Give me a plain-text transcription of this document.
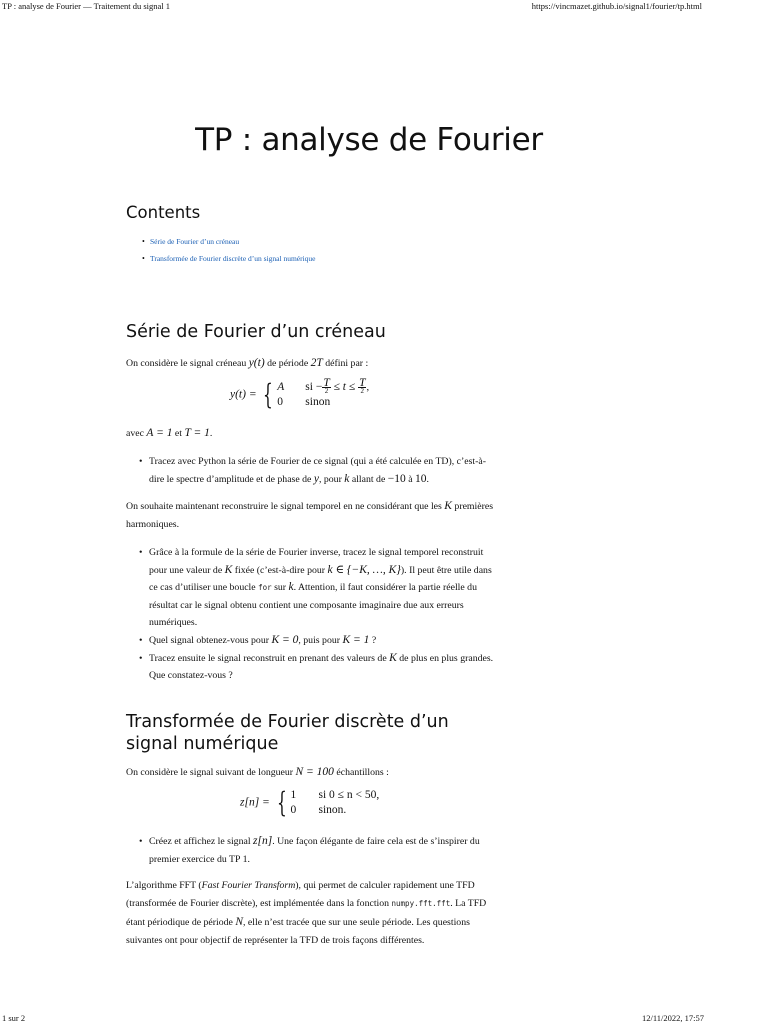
TP : analyse de Fourier — Traitement du signal 1	https://vincmazet.github.io/signal1/fourier/tp.html
TP : analyse de Fourier
Contents
• Série de Fourier d’un créneau
• Transformée de Fourier discrète d’un signal numérique
Série de Fourier d’un créneau

On considère le signal créneau y(t) de période 2T défini par :

y(t) = { A si − $\frac{T}{2} \le t \le \frac{T}{2}$ ,
0 sinon

avec A = 1 et T = 1.

• Tracez avec Python la série de Fourier de ce signal (qui a été calculée en TD), c’est-à-dire le spectre d’amplitude et de phase de y, pour k allant de −10 à 10.

On souhaite maintenant reconstruire le signal temporel en ne considérant que les K premières harmoniques.

• Grâce à la formule de la série de Fourier inverse, tracez le signal temporel reconstruit pour une valeur de K fixée (c’est-à-dire pour k ∈ {−K, …, K}). Il peut être utile dans ce cas d’utiliser une boucle for sur k. Attention, il faut considérer la partie réelle du résultat car le signal obtenu contient une composante imaginaire due aux erreurs numériques.
• Quel signal obtenez-vous pour K = 0, puis pour K = 1 ?
• Tracez ensuite le signal reconstruit en prenant des valeurs de K de plus en plus grandes. Que constatez-vous ?
Transformée de Fourier discrète d’un signal numérique

On considère le signal suivant de longueur N = 100 échantillons :

z[n] = { 1 si 0 ≤ n < 50,
0 sinon.
• Créez et affichez le signal z[n]. Une façon élégante de faire cela est de s’inspirer du premier exercice du TP 1.

L’algorithme FFT (Fast Fourier Transform), qui permet de calculer rapidement une TFD (transformée de Fourier discrète), est implémentée dans la fonction numpy.fft.fft. La TFD étant périodique de période N, elle n’est tracée que sur une seule période. Les questions suivantes ont pour objectif de représenter la TFD de trois façons différentes.

1 sur 2	12/11/2022, 17:57
